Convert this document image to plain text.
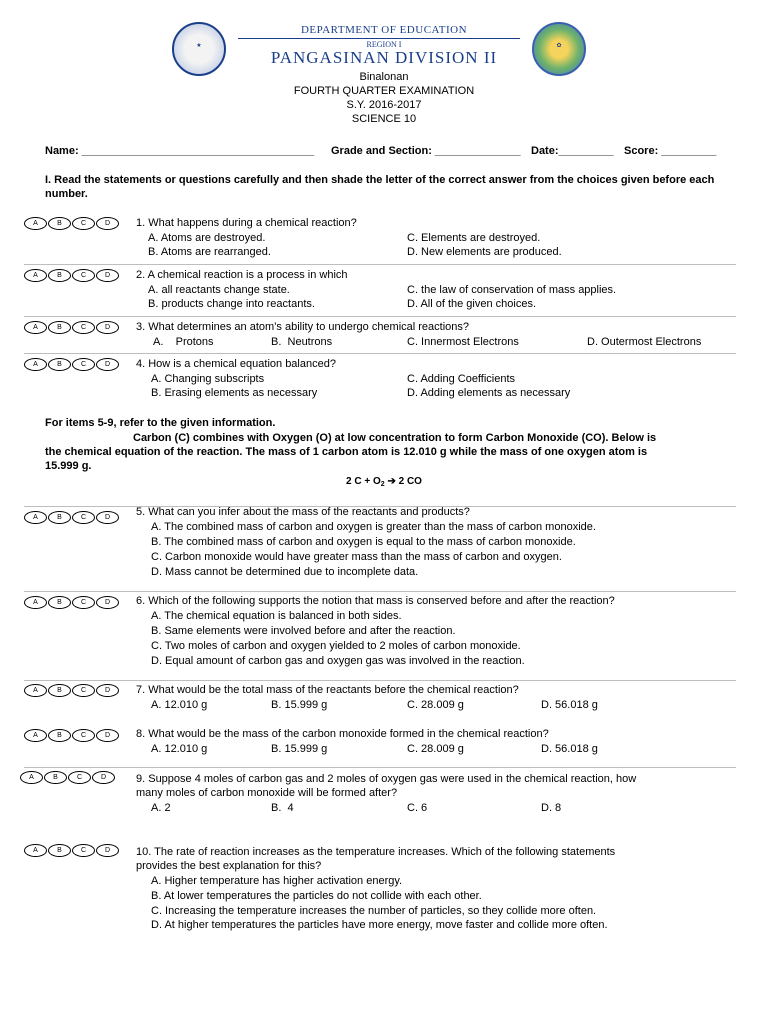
★	✿
DEPARTMENT OF EDUCATION
REGION I
PANGASINAN DIVISION II
Binalonan
FOURTH QUARTER EXAMINATION
S.Y. 2016-2017
SCIENCE 10
Name: ______________________________________ Grade and Section: ______________ Date:_________ Score: _________
I. Read the statements or questions carefully and then shade the letter of the correct answer from the choices given before each number.
A	B	C	D	1. What happens during a chemical reaction?
A. Atoms are destroyed.
B. Atoms are rearranged.
C. Elements are destroyed.
D. New elements are produced.
A	B	C	D	2. A chemical reaction is a process in which
A. all reactants change state.
B. products change into reactants.
C. the law of conservation of mass applies.
D. All of the given choices.
A	B	C	D	3. What determines an atom’s ability to undergo chemical reactions?
A.    Protons	B.  Neutrons	C. Innermost Electrons	D. Outermost Electrons
A	B	C	D	4. How is a chemical equation balanced?
A. Changing subscripts
B. Erasing elements as necessary
C. Adding Coefficients
D. Adding elements as necessary
For items 5-9, refer to the given information.
Carbon (C) combines with Oxygen (O) at low concentration to form Carbon Monoxide (CO). Below is
the chemical equation of the reaction. The mass of 1 carbon atom is 12.010 g while the mass of one oxygen atom is
15.999 g.
2 $C + O_2$ ➔ 2 CO
A	B	C	D	5. What can you infer about the mass of the reactants and products?
A. The combined mass of carbon and oxygen is greater than the mass of carbon monoxide.
B. The combined mass of carbon and oxygen is equal to the mass of carbon monoxide.
C. Carbon monoxide would have greater mass than the mass of carbon and oxygen.
D. Mass cannot be determined due to incomplete data.
A	B	C	D	6. Which of the following supports the notion that mass is conserved before and after the reaction?
A. The chemical equation is balanced in both sides.
B. Same elements were involved before and after the reaction.
C. Two moles of carbon and oxygen yielded to 2 moles of carbon monoxide.
D. Equal amount of carbon gas and oxygen gas was involved in the reaction.
A	B	C	D	7. What would be the total mass of the reactants before the chemical reaction?
A. 12.010 g	B. 15.999 g	C. 28.009 g	D. 56.018 g
A	B	C	D	8. What would be the mass of the carbon monoxide formed in the chemical reaction?
A. 12.010 g	B. 15.999 g	C. 28.009 g	D. 56.018 g
A	B	C	D	9. Suppose 4 moles of carbon gas and 2 moles of oxygen gas were used in the chemical reaction, how
many moles of carbon monoxide will be formed after?
A. 2	B.  4	C. 6	D. 8
A	B	C	D	10. The rate of reaction increases as the temperature increases. Which of the following statements
provides the best explanation for this?
A. Higher temperature has higher activation energy.
B. At lower temperatures the particles do not collide with each other.
C. Increasing the temperature increases the number of particles, so they collide more often.
D. At higher temperatures the particles have more energy, move faster and collide more often.
